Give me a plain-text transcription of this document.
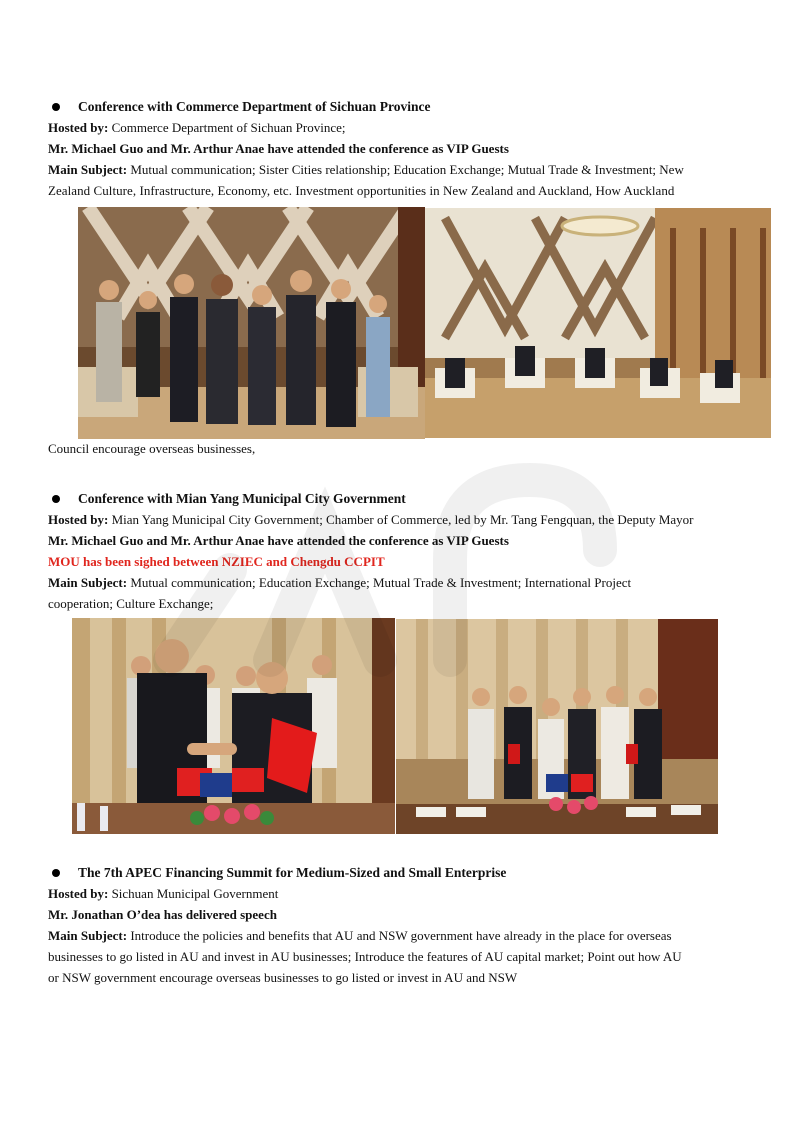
Conference with Commerce Department of Sichuan Province

Hosted by: Commerce Department of Sichuan Province;

Mr. Michael Guo and Mr. Arthur Anae have attended the conference as VIP Guests

Main Subject: Mutual communication; Sister Cities relationship; Education Exchange; Mutual Trade & Investment; New

Zealand Culture, Infrastructure, Economy, etc. Investment opportunities in New Zealand and Auckland, How Auckland

Council encourage overseas businesses,

Conference with Mian Yang Municipal City Government

Hosted by: Mian Yang Municipal City Government; Chamber of Commerce, led by Mr. Tang Fengquan, the Deputy Mayor

Mr. Michael Guo and Mr. Arthur Anae have attended the conference as VIP Guests

MOU has been sighed between NZIEC and Chengdu CCPIT

Main Subject: Mutual communication; Education Exchange; Mutual Trade & Investment; International Project

cooperation; Culture Exchange;

The 7th APEC Financing Summit for Medium-Sized and Small Enterprise

Hosted by: Sichuan Municipal Government

Mr. Jonathan O’dea has delivered speech

Main Subject: Introduce the policies and benefits that AU and NSW government have already in the place for overseas

businesses to go listed in AU and invest in AU businesses; Introduce the features of AU capital market; Point out how AU

or NSW government encourage overseas businesses to go listed or invest in AU and NSW
